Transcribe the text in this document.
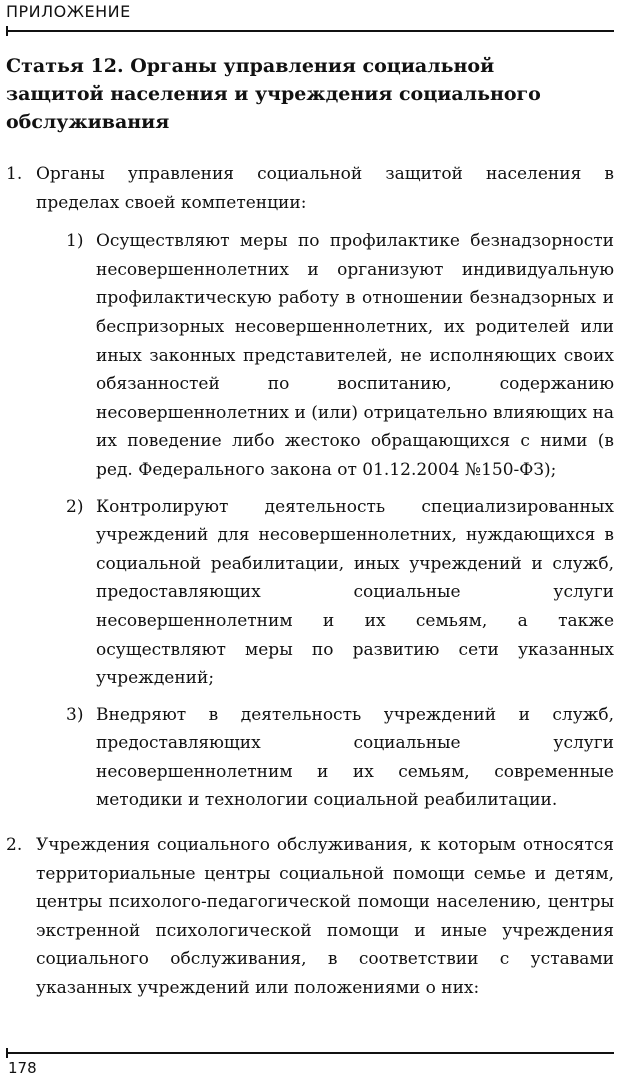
ПРИЛОЖЕНИЕ
Статья 12. Органы управления социальной защитой населения и учреждения социального обслуживания
1. Органы управления социальной защитой населения в пределах своей компетенции:
1) Осуществляют меры по профилактике безнадзорности несовершеннолетних и организуют индивидуальную профилактическую работу в отношении безнадзорных и беспризорных несовершеннолетних, их родителей или иных законных представителей, не исполняющих своих обязанностей по воспитанию, содержанию несовершеннолетних и (или) отрицательно влияющих на их поведение либо жестоко обращающихся с ними (в ред. Федерального закона от 01.12.2004 №150-ФЗ);
2) Контролируют деятельность специализированных учреждений для несовершеннолетних, нуждающихся в социальной реабилитации, иных учреждений и служб, предоставляющих социальные услуги несовершеннолетним и их семьям, а также осуществляют меры по развитию сети указанных учреждений;
3) Внедряют в деятельность учреждений и служб, предоставляющих социальные услуги несовершеннолетним и их семьям, современные методики и технологии социальной реабилитации.
2. Учреждения социального обслуживания, к которым относятся территориальные центры социальной помощи семье и детям, центры психолого-педагогической помощи населению, центры экстренной психологической помощи и иные учреждения социального обслуживания, в соответствии с уставами указанных учреждений или положениями о них:
178
